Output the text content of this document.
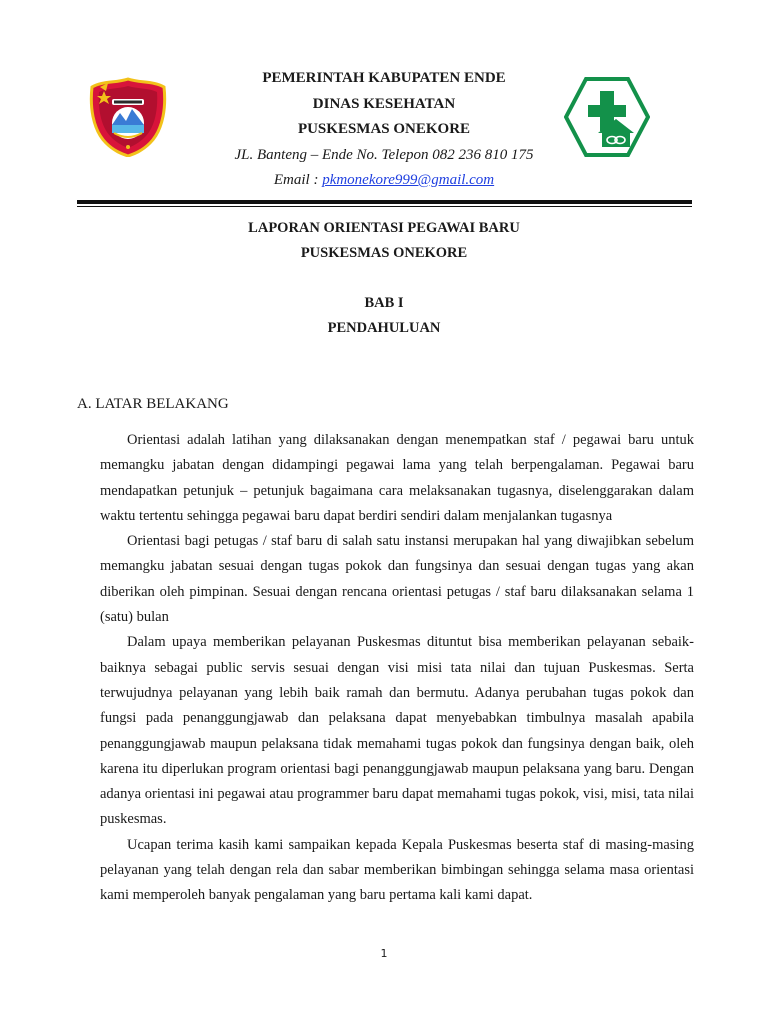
PEMERINTAH KABUPATEN ENDE
DINAS KESEHATAN
PUSKESMAS ONEKORE
JL. Banteng – Ende No. Telepon 082 236 810 175
Email : pkmonekore999@gmail.com
LAPORAN ORIENTASI PEGAWAI BARU
PUSKESMAS ONEKORE
BAB I
PENDAHULUAN
A. LATAR BELAKANG

Orientasi adalah latihan yang dilaksanakan dengan menempatkan staf / pegawai baru untuk memangku jabatan dengan didampingi pegawai lama yang telah berpengalaman. Pegawai baru mendapatkan petunjuk – petunjuk bagaimana cara melaksanakan tugasnya, diselenggarakan dalam waktu tertentu sehingga pegawai baru dapat berdiri sendiri dalam menjalankan tugasnya

Orientasi bagi petugas / staf baru di salah satu instansi merupakan hal yang diwajibkan sebelum memangku jabatan sesuai dengan tugas pokok dan fungsinya dan sesuai dengan tugas yang akan diberikan oleh pimpinan. Sesuai dengan rencana orientasi petugas / staf baru dilaksanakan selama 1 (satu) bulan

Dalam upaya memberikan pelayanan Puskesmas dituntut bisa memberikan pelayanan sebaik-baiknya sebagai public servis sesuai dengan visi misi tata nilai dan tujuan Puskesmas. Serta terwujudnya pelayanan yang lebih baik ramah dan bermutu. Adanya perubahan tugas pokok dan fungsi pada penanggungjawab dan pelaksana dapat menyebabkan timbulnya masalah apabila penanggungjawab maupun pelaksana tidak memahami tugas pokok dan fungsinya dengan baik, oleh karena itu diperlukan program orientasi bagi penanggungjawab maupun pelaksana yang baru. Dengan adanya orientasi ini pegawai atau programmer baru dapat memahami tugas pokok, visi, misi, tata nilai puskesmas.

Ucapan terima kasih kami sampaikan kepada Kepala Puskesmas beserta staf di masing-masing pelayanan yang telah dengan rela dan sabar memberikan bimbingan sehingga selama masa orientasi kami memperoleh banyak pengalaman yang baru pertama kali kami dapat.

1
